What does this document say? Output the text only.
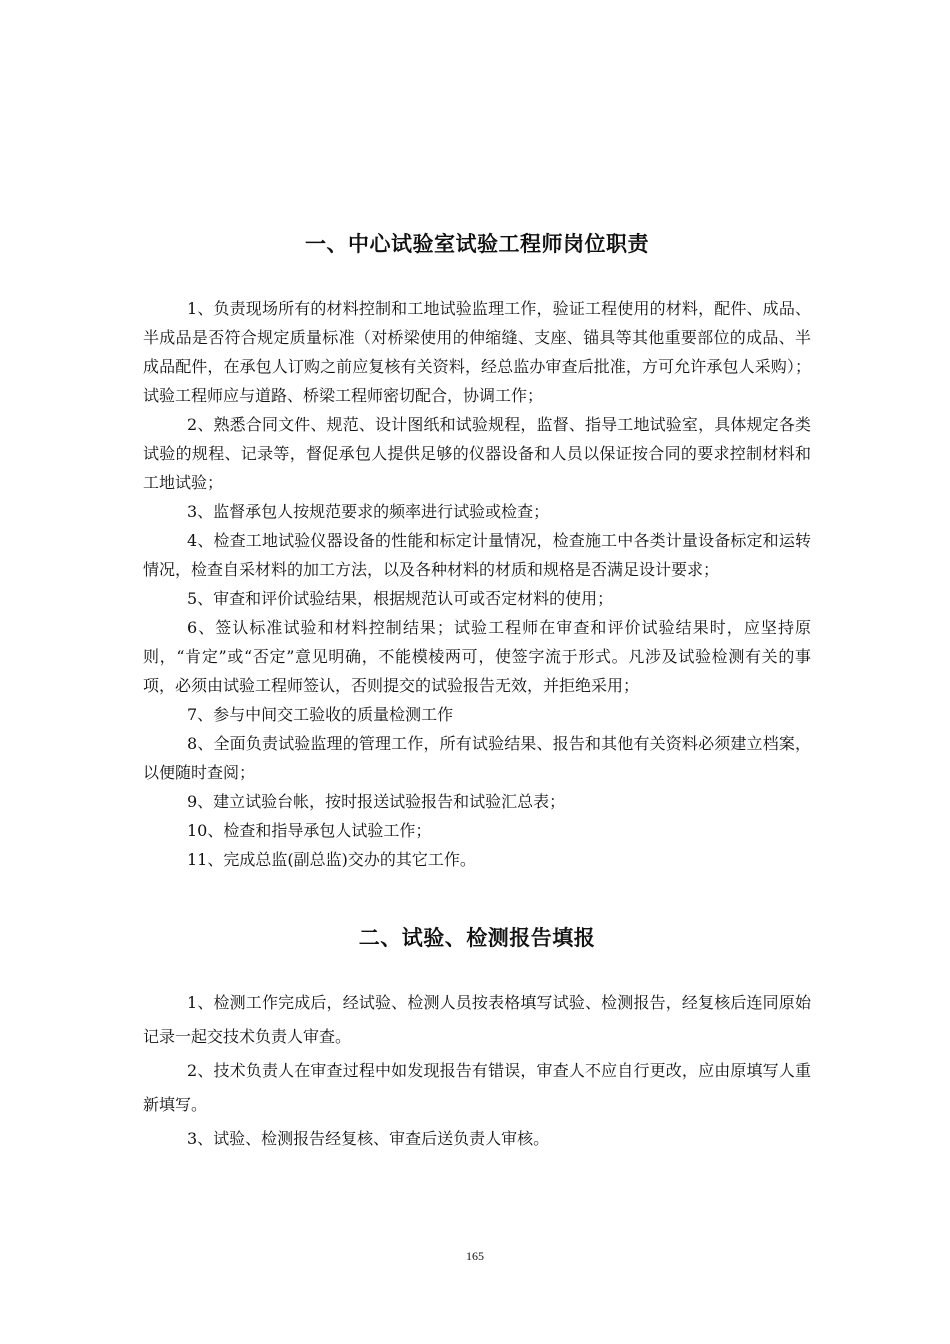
一、中心试验室试验工程师岗位职责

1、负责现场所有的材料控制和工地试验监理工作，验证工程使用的材料，配件、成品、半成品是否符合规定质量标准（对桥梁使用的伸缩缝、支座、锚具等其他重要部位的成品、半成品配件，在承包人订购之前应复核有关资料，经总监办审查后批准，方可允许承包人采购）；试验工程师应与道路、桥梁工程师密切配合，协调工作；

2、熟悉合同文件、规范、设计图纸和试验规程，监督、指导工地试验室，具体规定各类试验的规程、记录等，督促承包人提供足够的仪器设备和人员以保证按合同的要求控制材料和工地试验；

3、监督承包人按规范要求的频率进行试验或检查；

4、检查工地试验仪器设备的性能和标定计量情况，检查施工中各类计量设备标定和运转情况，检查自采材料的加工方法，以及各种材料的材质和规格是否满足设计要求；

5、审查和评价试验结果，根据规范认可或否定材料的使用；

6、签认标准试验和材料控制结果；试验工程师在审查和评价试验结果时，应坚持原则，“肯定”或“否定”意见明确，不能模棱两可，使签字流于形式。凡涉及试验检测有关的事项，必须由试验工程师签认，否则提交的试验报告无效，并拒绝采用；

7、参与中间交工验收的质量检测工作

8、全面负责试验监理的管理工作，所有试验结果、报告和其他有关资料必须建立档案，以便随时查阅；

9、建立试验台帐，按时报送试验报告和试验汇总表；

10、检查和指导承包人试验工作；

11、完成总监(副总监)交办的其它工作。

二、试验、检测报告填报

1、检测工作完成后，经试验、检测人员按表格填写试验、检测报告，经复核后连同原始记录一起交技术负责人审查。

2、技术负责人在审查过程中如发现报告有错误，审查人不应自行更改，应由原填写人重新填写。

3、试验、检测报告经复核、审查后送负责人审核。

165
